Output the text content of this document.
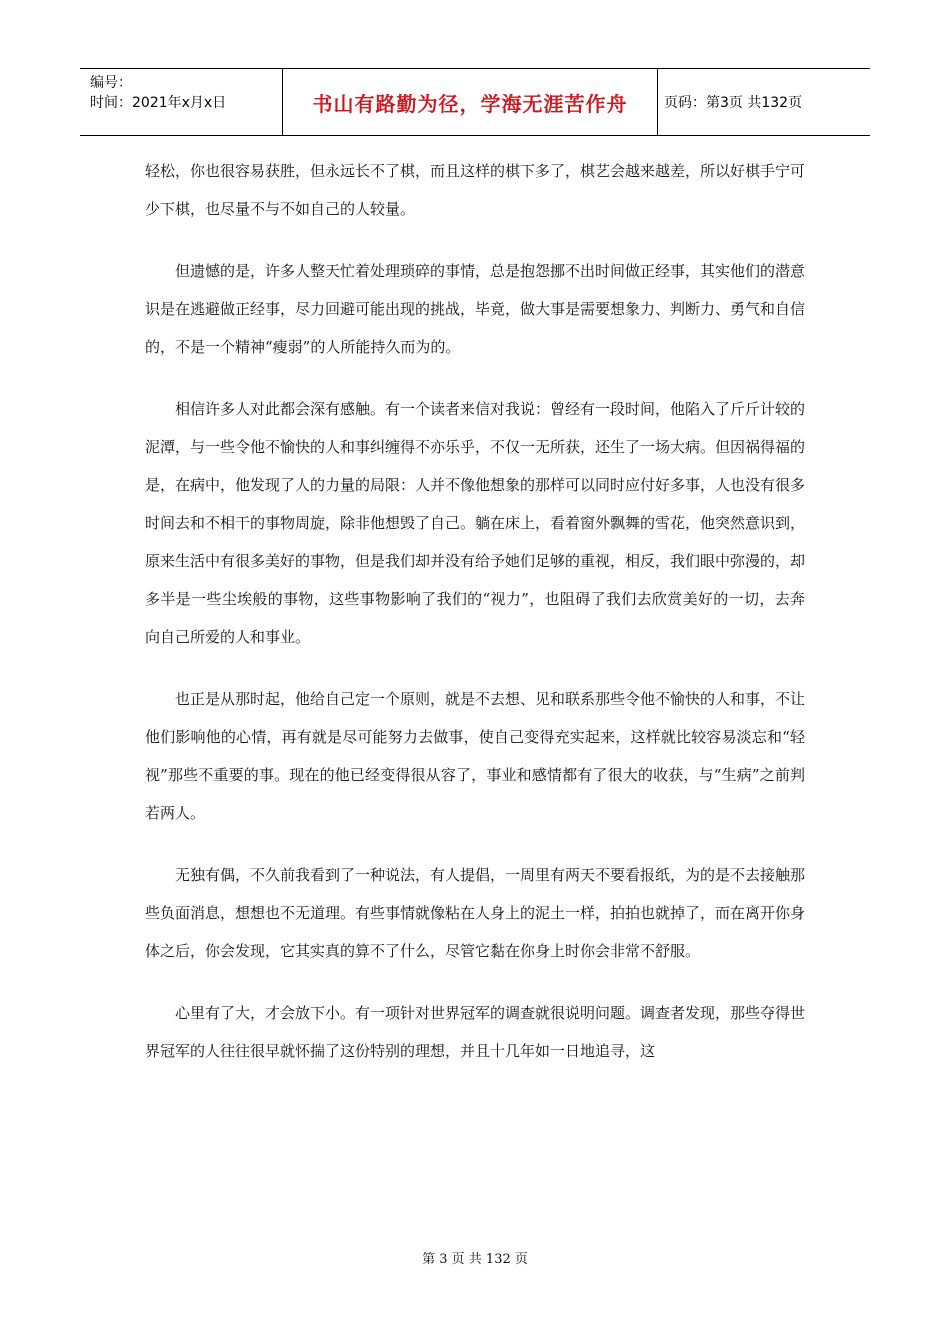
编号：
时间：2021年x月x日	书山有路勤为径，学海无涯苦作舟	页码：第3页 共132页

轻松，你也很容易获胜，但永远长不了棋，而且这样的棋下多了，棋艺会越来越差，所以好棋手宁可少下棋，也尽量不与不如自己的人较量。

但遗憾的是，许多人整天忙着处理琐碎的事情，总是抱怨挪不出时间做正经事，其实他们的潜意识是在逃避做正经事，尽力回避可能出现的挑战，毕竟，做大事是需要想象力、判断力、勇气和自信的，不是一个精神“瘦弱”的人所能持久而为的。

相信许多人对此都会深有感触。有一个读者来信对我说：曾经有一段时间，他陷入了斤斤计较的泥潭，与一些令他不愉快的人和事纠缠得不亦乐乎，不仅一无所获，还生了一场大病。但因祸得福的是，在病中，他发现了人的力量的局限：人并不像他想象的那样可以同时应付好多事，人也没有很多时间去和不相干的事物周旋，除非他想毁了自己。躺在床上，看着窗外飘舞的雪花，他突然意识到，原来生活中有很多美好的事物，但是我们却并没有给予她们足够的重视，相反，我们眼中弥漫的，却多半是一些尘埃般的事物，这些事物影响了我们的“视力”，也阻碍了我们去欣赏美好的一切，去奔向自己所爱的人和事业。

也正是从那时起，他给自己定一个原则，就是不去想、见和联系那些令他不愉快的人和事，不让他们影响他的心情，再有就是尽可能努力去做事，使自己变得充实起来，这样就比较容易淡忘和“轻视”那些不重要的事。现在的他已经变得很从容了，事业和感情都有了很大的收获，与“生病”之前判若两人。

无独有偶，不久前我看到了一种说法，有人提倡，一周里有两天不要看报纸，为的是不去接触那些负面消息，想想也不无道理。有些事情就像粘在人身上的泥土一样，拍拍也就掉了，而在离开你身体之后，你会发现，它其实真的算不了什么，尽管它黏在你身上时你会非常不舒服。

心里有了大，才会放下小。有一项针对世界冠军的调查就很说明问题。调查者发现，那些夺得世界冠军的人往往很早就怀揣了这份特别的理想，并且十几年如一日地追寻，这

第 3 页 共 132 页
